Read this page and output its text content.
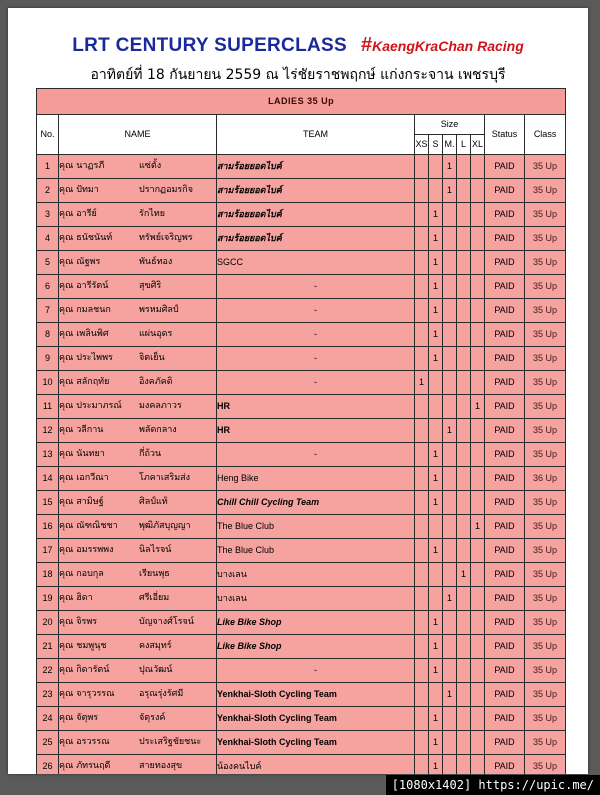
LRT CENTURY SUPERCLASS #KaengKraChan Racing
อาทิตย์ที่ 18 กันยายน 2559 ณ ไร่ชัยราชพฤกษ์ แก่งกระจาน เพชรบุรี
LADIES 35 Up									
No.	NAME	TEAM	Size					Status	Class
			XS	S	M.	L	XL		
1	คุณ นาฏรภี แซ่ตั้ง	สามร้อยยอดไบค์			1			PAID	35 Up
2	คุณ ปัทมา ปรากฏอมรกิจ	สามร้อยยอดไบค์			1			PAID	35 Up
3	คุณ อารีย์ รักไทย	สามร้อยยอดไบค์		1				PAID	35 Up
4	คุณ ธนัชนันท์ ทรัพย์เจริญพร	สามร้อยยอดไบค์		1				PAID	35 Up
5	คุณ ณัฐพร พันธ์ทอง	SGCC		1				PAID	35 Up
6	คุณ อารีรัตน์ สุขศิริ	-		1				PAID	35 Up
7	คุณ กมลชนก พรหมศิลป์	-		1				PAID	35 Up
8	คุณ เพลินพิศ แผ่นอุดร	-		1				PAID	35 Up
9	คุณ ประไพพร จิตเย็น	-		1				PAID	35 Up
10	คุณ สลักฤทัย อิงคภัคดิ	-	1					PAID	35 Up
11	คุณ ประมาภรณ์ มงคลภาวร	HR					1	PAID	35 Up
12	คุณ วลีกาน พลัดกลาง	HR			1			PAID	35 Up
13	คุณ นันทยา กี่ถ้วน	-		1				PAID	35 Up
14	คุณ เอกวีณา โภคาเสริมส่ง	Heng Bike		1				PAID	36 Up
15	คุณ สามิษฐ์ ศิลป์แท้	Chill Chill Cycling Team		1				PAID	35 Up
16	คุณ ณัฑณิชชา พุฒิภัสบุญญา	The Blue Club					1	PAID	35 Up
17	คุณ อมรรพพง นิลไรจน์	The Blue Club		1				PAID	35 Up
18	คุณ กอบกุล เรียนพุธ	บางเลน				1		PAID	35 Up
19	คุณ ฮิดา ศรีเอี่ยม	บางเลน			1			PAID	35 Up
20	คุณ จิรพร บัญจางศ์โรจน์	Like Bike Shop		1				PAID	35 Up
21	คุณ ชมพูนุช คงสมุทร์	Like Bike Shop		1				PAID	35 Up
22	คุณ กิดารัตน์ ปุณวัฒน์	-		1				PAID	35 Up
23	คุณ จารุวรรณ อรุณรุ่งรัศมี	Yenkhai-Sloth Cycling Team			1			PAID	35 Up
24	คุณ จัตุพร จัตุรงค์	Yenkhai-Sloth Cycling Team		1				PAID	35 Up
25	คุณ อรวรรณ ประเสริฐชัยชนะ	Yenkhai-Sloth Cycling Team		1				PAID	35 Up
26	คุณ ภัทรนฤดี สายทองสุข	น้องคนไบค์		1				PAID	35 Up
[1080x1402] https://upic.me/
